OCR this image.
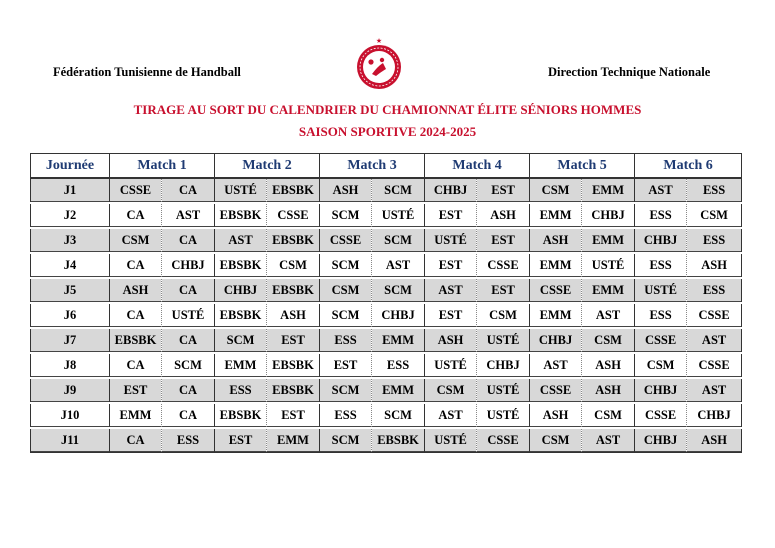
Fédération Tunisienne de Handball
★
Direction Technique Nationale
TIRAGE AU SORT DU CALENDRIER DU CHAMIONNAT ÉLITE SÉNIORS HOMMES
SAISON SPORTIVE 2024-2025
Journée	Match 1		Match 2		Match 3		Match 4		Match 5		Match 6	
J1	CSSE	CA	USTÉ	EBSBK	ASH	SCM	CHBJ	EST	CSM	EMM	AST	ESS
J2	CA	AST	EBSBK	CSSE	SCM	USTÉ	EST	ASH	EMM	CHBJ	ESS	CSM
J3	CSM	CA	AST	EBSBK	CSSE	SCM	USTÉ	EST	ASH	EMM	CHBJ	ESS
J4	CA	CHBJ	EBSBK	CSM	SCM	AST	EST	CSSE	EMM	USTÉ	ESS	ASH
J5	ASH	CA	CHBJ	EBSBK	CSM	SCM	AST	EST	CSSE	EMM	USTÉ	ESS
J6	CA	USTÉ	EBSBK	ASH	SCM	CHBJ	EST	CSM	EMM	AST	ESS	CSSE
J7	EBSBK	CA	SCM	EST	ESS	EMM	ASH	USTÉ	CHBJ	CSM	CSSE	AST
J8	CA	SCM	EMM	EBSBK	EST	ESS	USTÉ	CHBJ	AST	ASH	CSM	CSSE
J9	EST	CA	ESS	EBSBK	SCM	EMM	CSM	USTÉ	CSSE	ASH	CHBJ	AST
J10	EMM	CA	EBSBK	EST	ESS	SCM	AST	USTÉ	ASH	CSM	CSSE	CHBJ
J11	CA	ESS	EST	EMM	SCM	EBSBK	USTÉ	CSSE	CSM	AST	CHBJ	ASH
